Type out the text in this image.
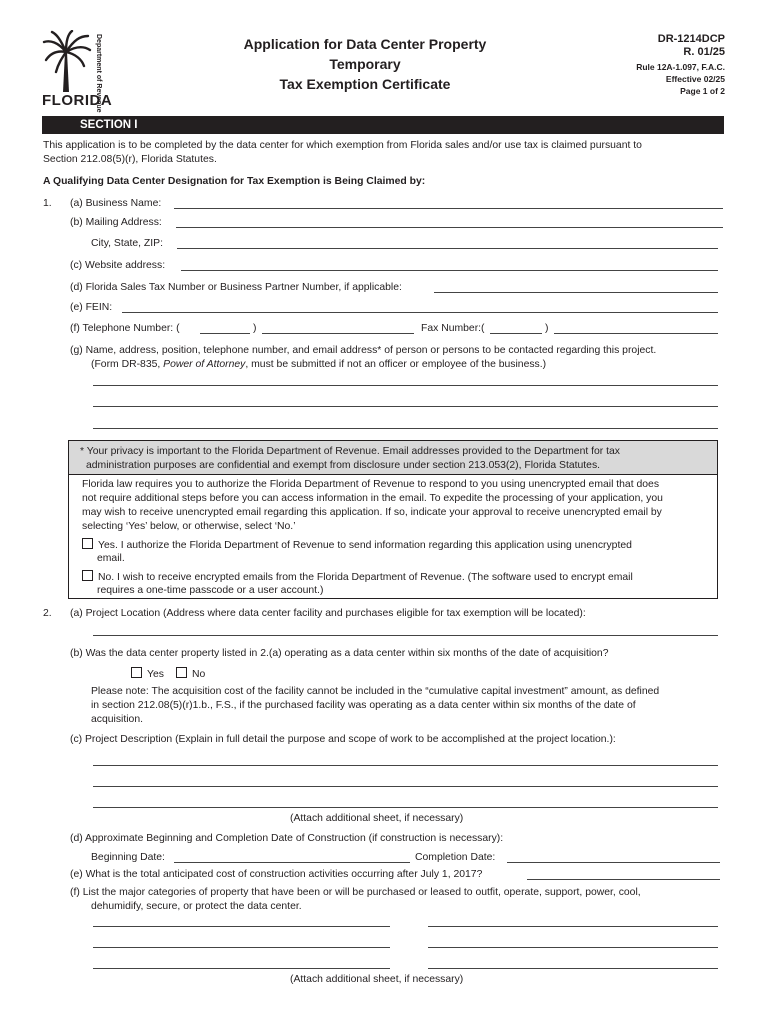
Department of Revenue
FLORIDA
Application for Data Center Property
Temporary
Tax Exemption Certificate
DR-1214DCP
R. 01/25
Rule 12A-1.097, F.A.C.
Effective 02/25
Page 1 of 2
SECTION I
This application is to be completed by the data center for which exemption from Florida sales and/or use tax is claimed pursuant to
Section 212.08(5)(r), Florida Statutes.
A Qualifying Data Center Designation for Tax Exemption is Being Claimed by:
1. (a) Business Name:
(b) Mailing Address:
City, State, ZIP:
(c) Website address:
(d) Florida Sales Tax Number or Business Partner Number, if applicable:
(e) FEIN:
(f) Telephone Number: (	)	Fax Number:(	)
(g) Name, address, position, telephone number, and email address* of person or persons to be contacted regarding this project.
(Form DR-835, Power of Attorney, must be submitted if not an officer or employee of the business.)
* Your privacy is important to the Florida Department of Revenue. Email addresses provided to the Department for tax
administration purposes are confidential and exempt from disclosure under section 213.053(2), Florida Statutes.
Florida law requires you to authorize the Florida Department of Revenue to respond to you using unencrypted email that does
not require additional steps before you can access information in the email. To expedite the processing of your application, you
may wish to receive unencrypted email regarding this application. If so, indicate your approval to receive unencrypted email by
selecting ‘Yes’ below, or otherwise, select ‘No.’
Yes. I authorize the Florida Department of Revenue to send information regarding this application using unencrypted
email.
No. I wish to receive encrypted emails from the Florida Department of Revenue. (The software used to encrypt email
requires a one-time passcode or a user account.)
2. (a) Project Location (Address where data center facility and purchases eligible for tax exemption will be located):
(b) Was the data center property listed in 2.(a) operating as a data center within six months of the date of acquisition?
Yes	No
Please note: The acquisition cost of the facility cannot be included in the “cumulative capital investment” amount, as defined
in section 212.08(5)(r)1.b., F.S., if the purchased facility was operating as a data center within six months of the date of
acquisition.
(c) Project Description (Explain in full detail the purpose and scope of work to be accomplished at the project location.):
(Attach additional sheet, if necessary)
(d) Approximate Beginning and Completion Date of Construction (if construction is necessary):
Beginning Date:	Completion Date:
(e) What is the total anticipated cost of construction activities occurring after July 1, 2017?
(f) List the major categories of property that have been or will be purchased or leased to outfit, operate, support, power, cool,
dehumidify, secure, or protect the data center.
(Attach additional sheet, if necessary)
